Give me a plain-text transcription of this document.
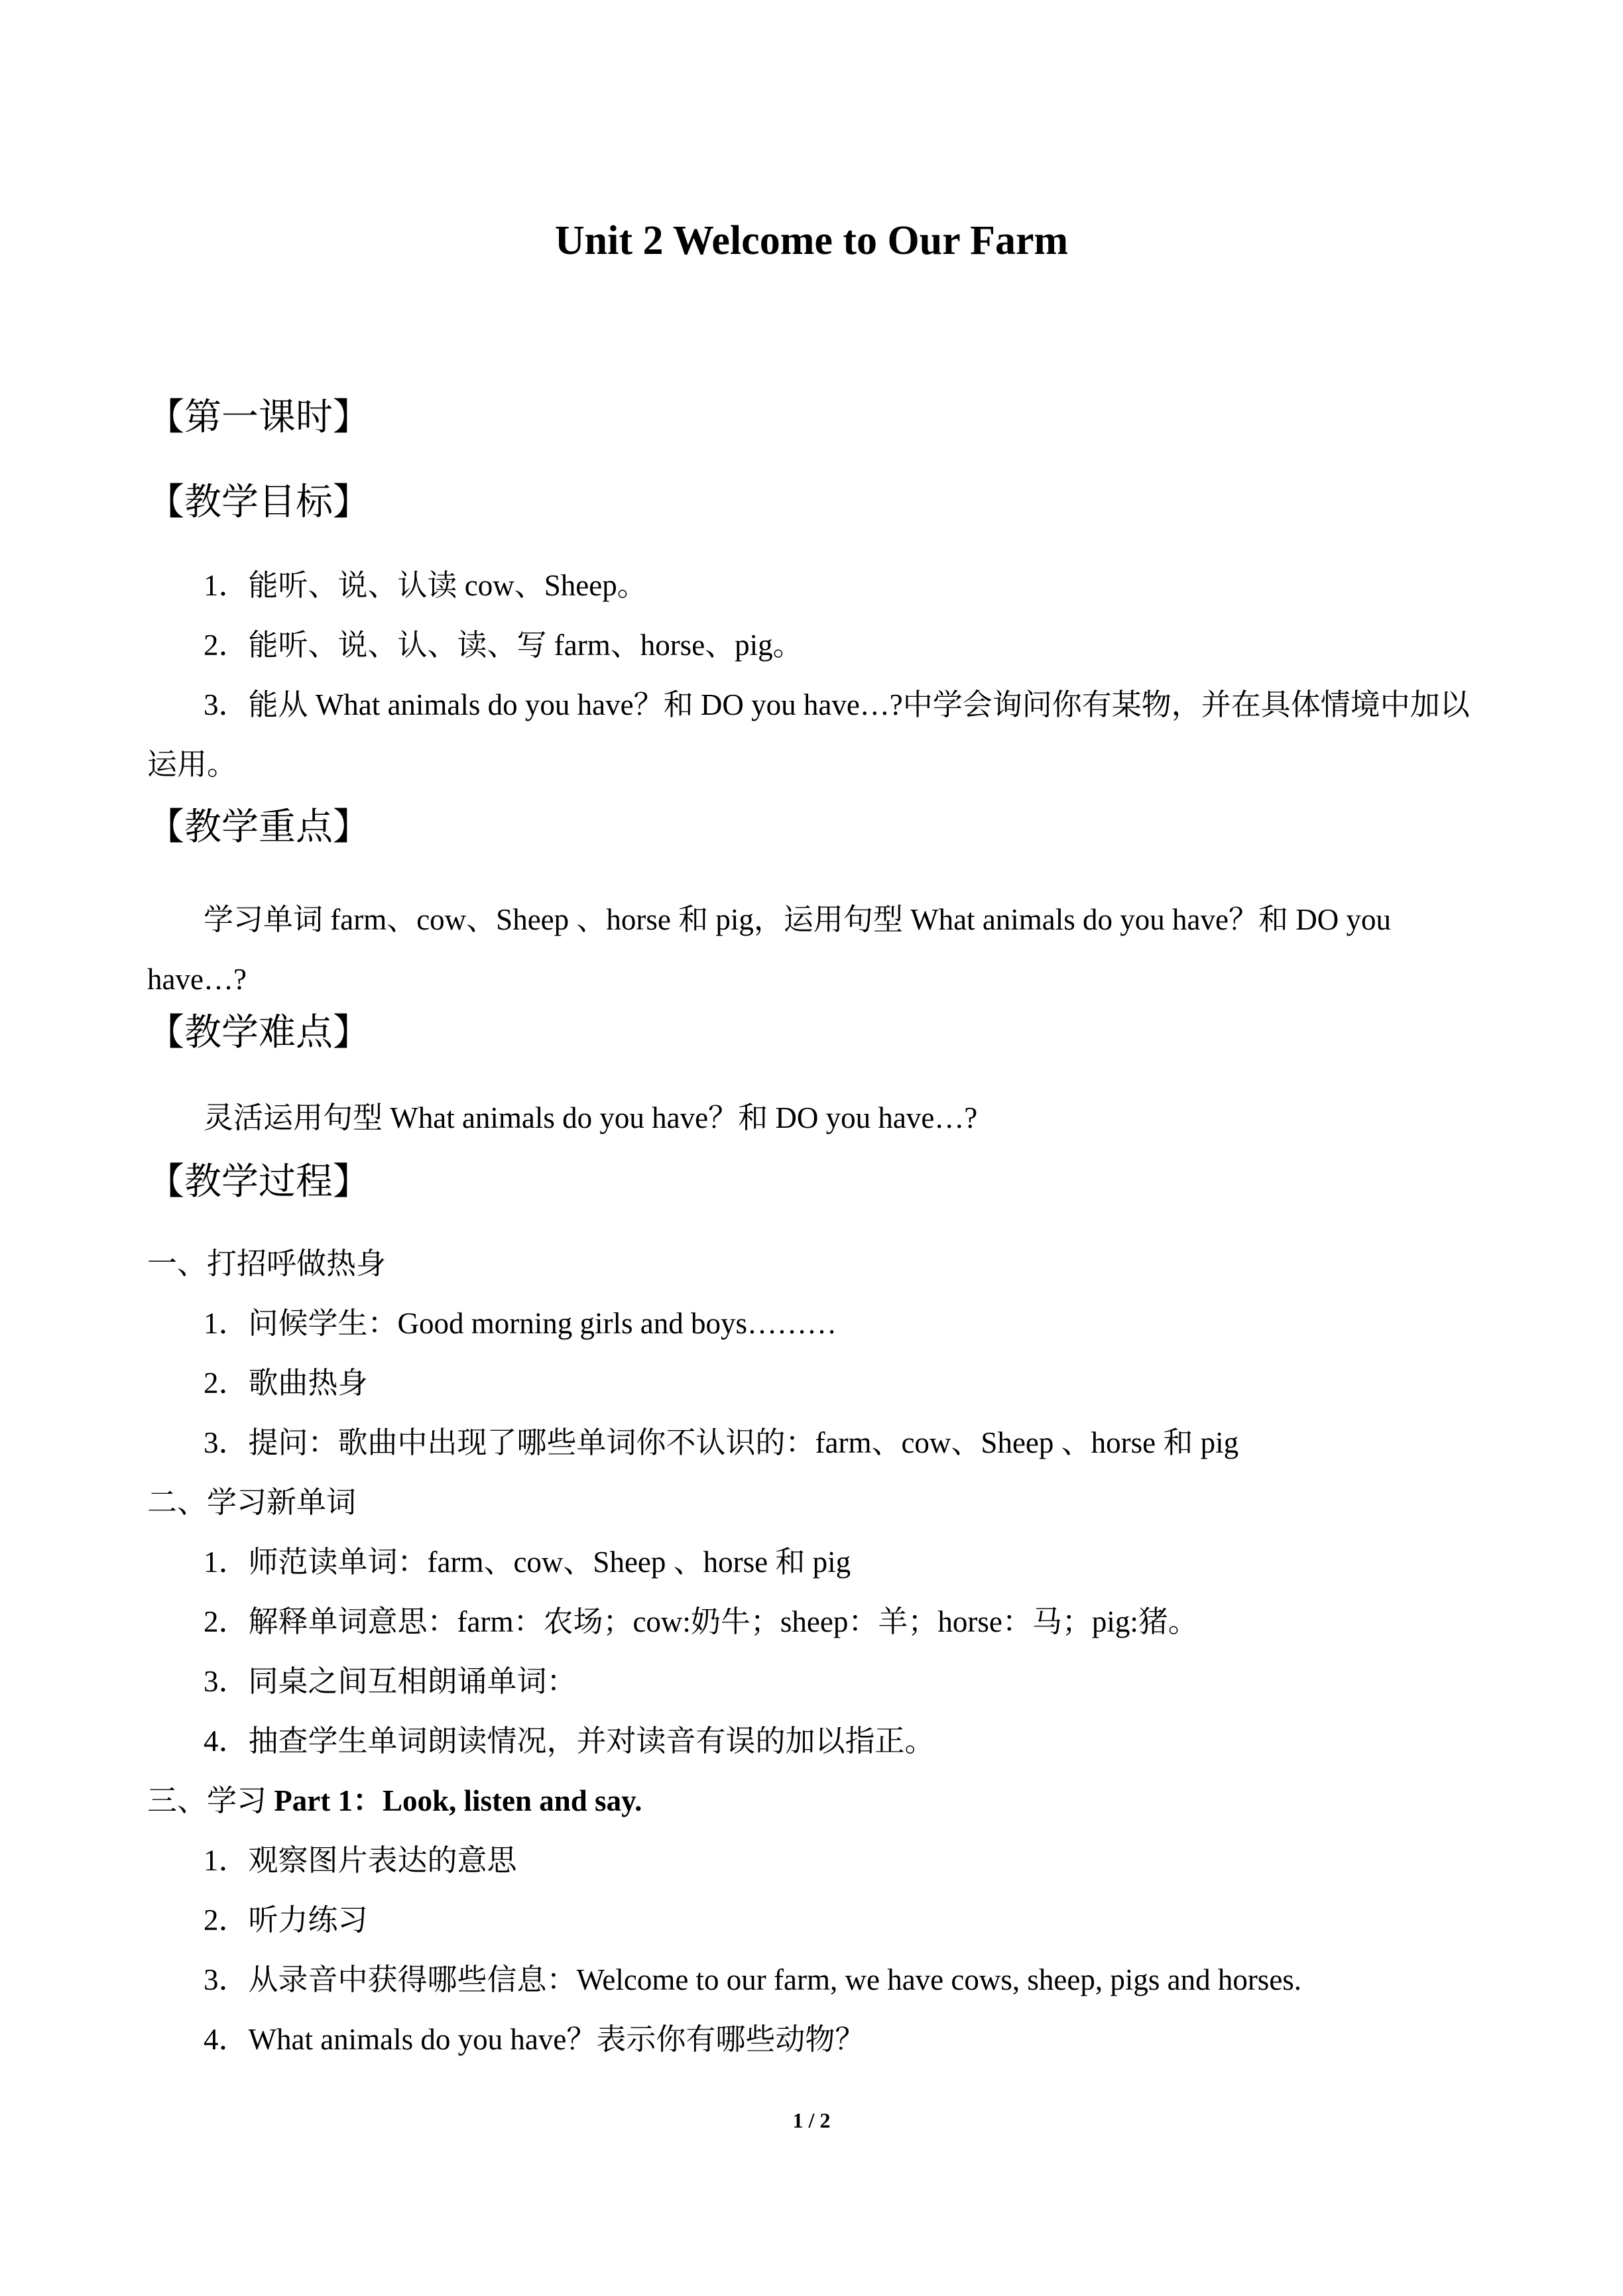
Unit 2 Welcome to Our Farm
【第一课时】
【教学目标】
1．能听、说、认读 cow、Sheep。
2．能听、说、认、读、写 farm、horse、pig。
3．能从 What animals do you have？和 DO you have…?中学会询问你有某物，并在具体情境中加以运用。
【教学重点】
学习单词 farm、cow、Sheep 、horse 和 pig，运用句型 What animals do you have？和 DO you have…?
【教学难点】
灵活运用句型 What animals do you have？和 DO you have…?
【教学过程】
一、打招呼做热身
1．问候学生：Good morning girls and boys………
2．歌曲热身
3．提问：歌曲中出现了哪些单词你不认识的：farm、cow、Sheep 、horse 和 pig
二、学习新单词
1．师范读单词：farm、cow、Sheep 、horse 和 pig
2．解释单词意思：farm：农场；cow:奶牛；sheep：羊；horse：马；pig:猪。
3．同桌之间互相朗诵单词：
4．抽查学生单词朗读情况，并对读音有误的加以指正。
三、学习 Part 1：Look, listen and say.
1．观察图片表达的意思
2．听力练习
3．从录音中获得哪些信息：Welcome to our farm, we have cows, sheep, pigs and horses.
4．What animals do you have？表示你有哪些动物？
1 / 2
